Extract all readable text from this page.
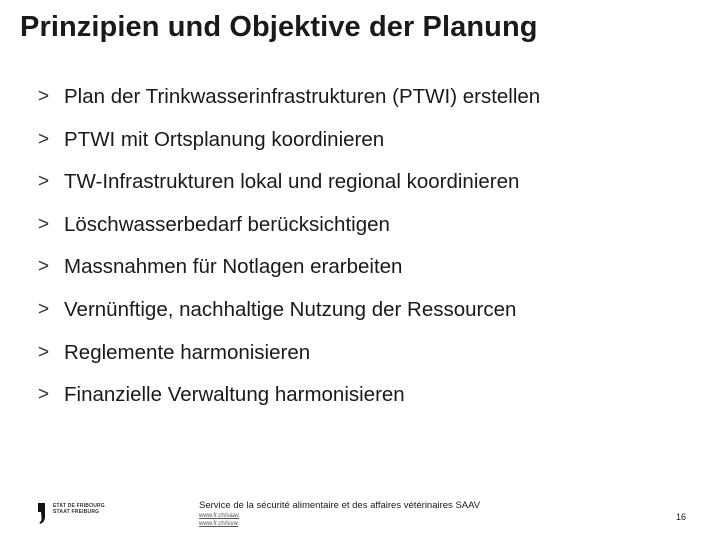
Prinzipien und Objektive der Planung
> Plan der Trinkwasserinfrastrukturen (PTWI) erstellen
> PTWI mit Ortsplanung koordinieren
> TW-Infrastrukturen lokal und regional koordinieren
> Löschwasserbedarf berücksichtigen
> Massnahmen für Notlagen erarbeiten
> Vernünftige, nachhaltige Nutzung der Ressourcen
> Reglemente harmonisieren
> Finanzielle Verwaltung harmonisieren
ETAT DE FRIBOURG
STAAT FREIBURG
Service de la sécurité alimentaire et des affaires vétérinaires SAAV
www.fr.ch/saav
www.fr.ch/lsvw
16
